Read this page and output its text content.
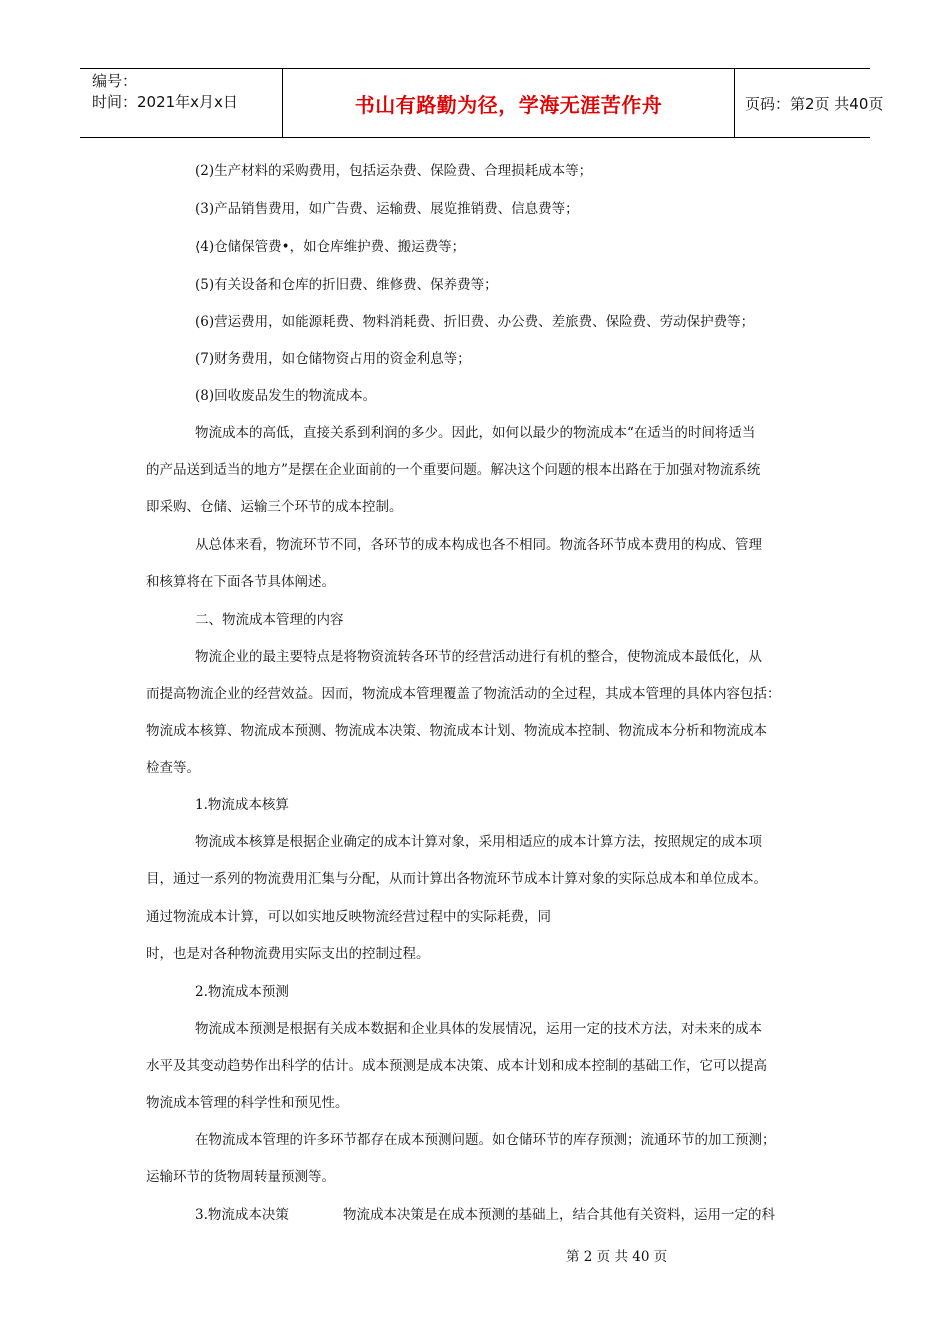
编号：
时间：2021年x月x日	书山有路勤为径，学海无涯苦作舟	页码：第2页 共40页
(2)生产材料的采购费用，包括运杂费、保险费、合理损耗成本等；
(3)产品销售费用，如广告费、运输费、展览推销费、信息费等；
⟨4)仓储保管费•，如仓库维护费、搬运费等；
(5)有关设备和仓库的折旧费、维修费、保养费等；
(6)营运费用，如能源耗费、物料消耗费、折旧费、办公费、差旅费、保险费、劳动保护费等；
(7)财务费用，如仓储物资占用的资金利息等；
(8)回收废品发生的物流成本。
物流成本的高低，直接关系到利润的多少。因此，如何以最少的物流成本“在适当的时间将适当
的产品送到适当的地方”是摆在企业面前的一个重要问题。解决这个问题的根本出路在于加强对物流系统
即采购、仓储、运输三个环节的成本控制。
从总体来看，物流环节不同，各环节的成本构成也各不相同。物流各环节成本费用的构成、管理
和核算将在下面各节具体阐述。
二、物流成本管理的内容
物流企业的最主要特点是将物资流转各环节的经营活动进行有机的整合，使物流成本最低化，从
而提高物流企业的经营效益。因而，物流成本管理覆盖了物流活动的全过程，其成本管理的具体内容包括：
物流成本核算、物流成本预测、物流成本决策、物流成本计划、物流成本控制、物流成本分析和物流成本
检查等。
1.物流成本核算
物流成本核算是根据企业确定的成本计算对象，采用相适应的成本计算方法，按照规定的成本项
目，通过一系列的物流费用汇集与分配，从而计算出各物流环节成本计算对象的实际总成本和单位成本。
通过物流成本计算，可以如实地反映物流经营过程中的实际耗费，同
时，也是对各种物流费用实际支出的控制过程。
2.物流成本预测
物流成本预测是根据有关成本数据和企业具体的发展情况，运用一定的技术方法，对未来的成本
水平及其变动趋势作出科学的估计。成本预测是成本决策、成本计划和成本控制的基础工作，它可以提高
物流成本管理的科学性和预见性。
在物流成本管理的许多环节都存在成本预测问题。如仓储环节的库存预测；流通环节的加工预测；
运输环节的货物周转量预测等。
3.物流成本决策	物流成本决策是在成本预测的基础上，结合其他有关资料，运用一定的科
第 2 页 共 40 页
